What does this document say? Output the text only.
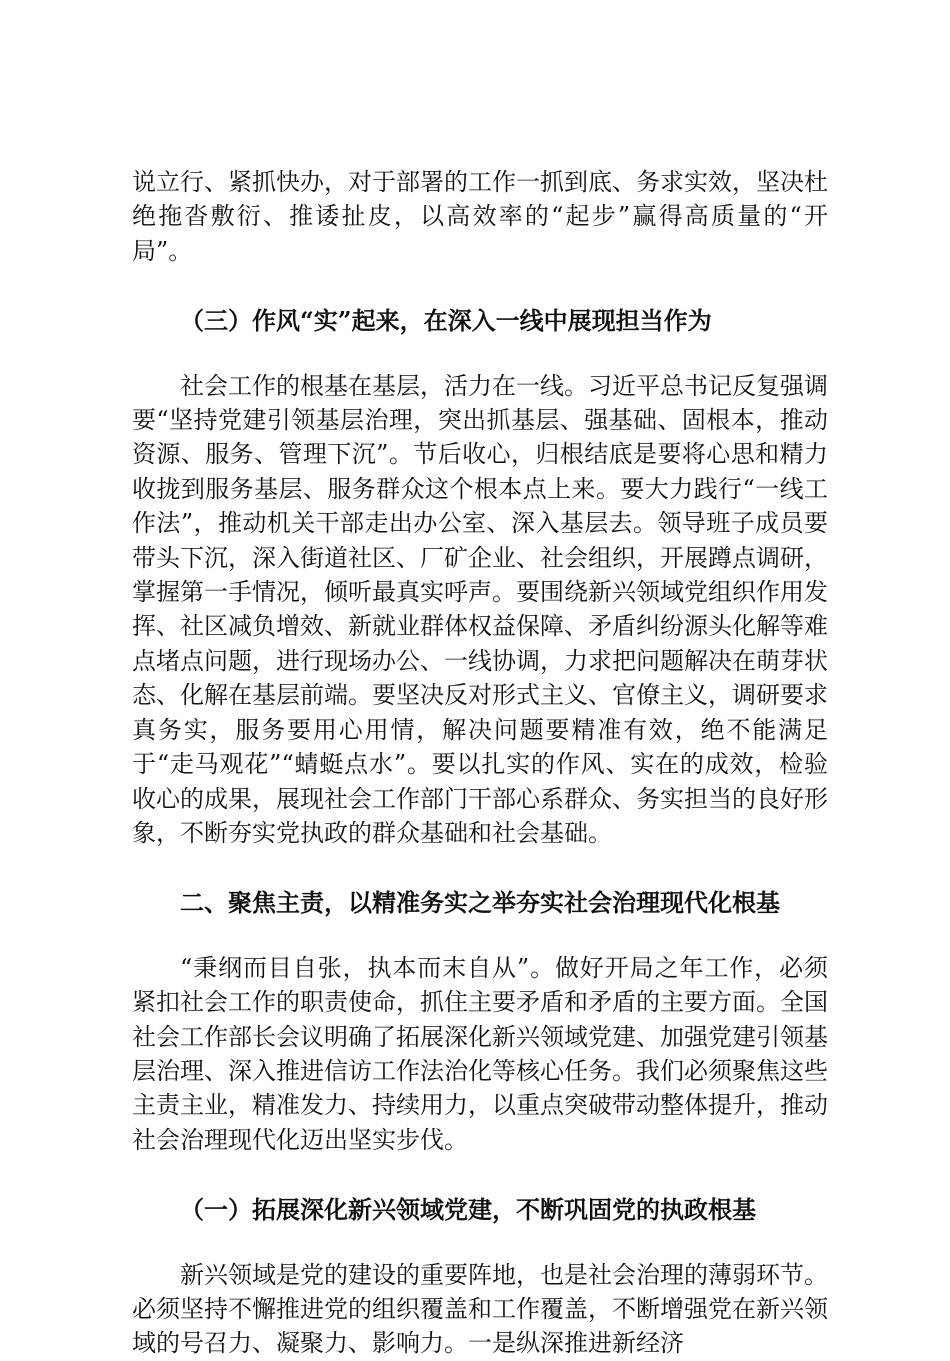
说立行、紧抓快办，对于部署的工作一抓到底、务求实效，坚决杜绝拖沓敷衍、推诿扯皮，以高效率的“起步”赢得高质量的“开局”。

（三）作风“实”起来，在深入一线中展现担当作为

社会工作的根基在基层，活力在一线。习近平总书记反复强调要“坚持党建引领基层治理，突出抓基层、强基础、固根本，推动资源、服务、管理下沉”。节后收心，归根结底是要将心思和精力收拢到服务基层、服务群众这个根本点上来。要大力践行“一线工作法”，推动机关干部走出办公室、深入基层去。领导班子成员要带头下沉，深入街道社区、厂矿企业、社会组织，开展蹲点调研，掌握第一手情况，倾听最真实呼声。要围绕新兴领域党组织作用发挥、社区减负增效、新就业群体权益保障、矛盾纠纷源头化解等难点堵点问题，进行现场办公、一线协调，力求把问题解决在萌芽状态、化解在基层前端。要坚决反对形式主义、官僚主义，调研要求真务实，服务要用心用情，解决问题要精准有效，绝不能满足于“走马观花”“蜻蜓点水”。要以扎实的作风、实在的成效，检验收心的成果，展现社会工作部门干部心系群众、务实担当的良好形象，不断夯实党执政的群众基础和社会基础。

二、聚焦主责，以精准务实之举夯实社会治理现代化根基

“秉纲而目自张，执本而末自从”。做好开局之年工作，必须紧扣社会工作的职责使命，抓住主要矛盾和矛盾的主要方面。全国社会工作部长会议明确了拓展深化新兴领域党建、加强党建引领基层治理、深入推进信访工作法治化等核心任务。我们必须聚焦这些主责主业，精准发力、持续用力，以重点突破带动整体提升，推动社会治理现代化迈出坚实步伐。

（一）拓展深化新兴领域党建，不断巩固党的执政根基

新兴领域是党的建设的重要阵地，也是社会治理的薄弱环节。必须坚持不懈推进党的组织覆盖和工作覆盖，不断增强党在新兴领域的号召力、凝聚力、影响力。一是纵深推进新经济
